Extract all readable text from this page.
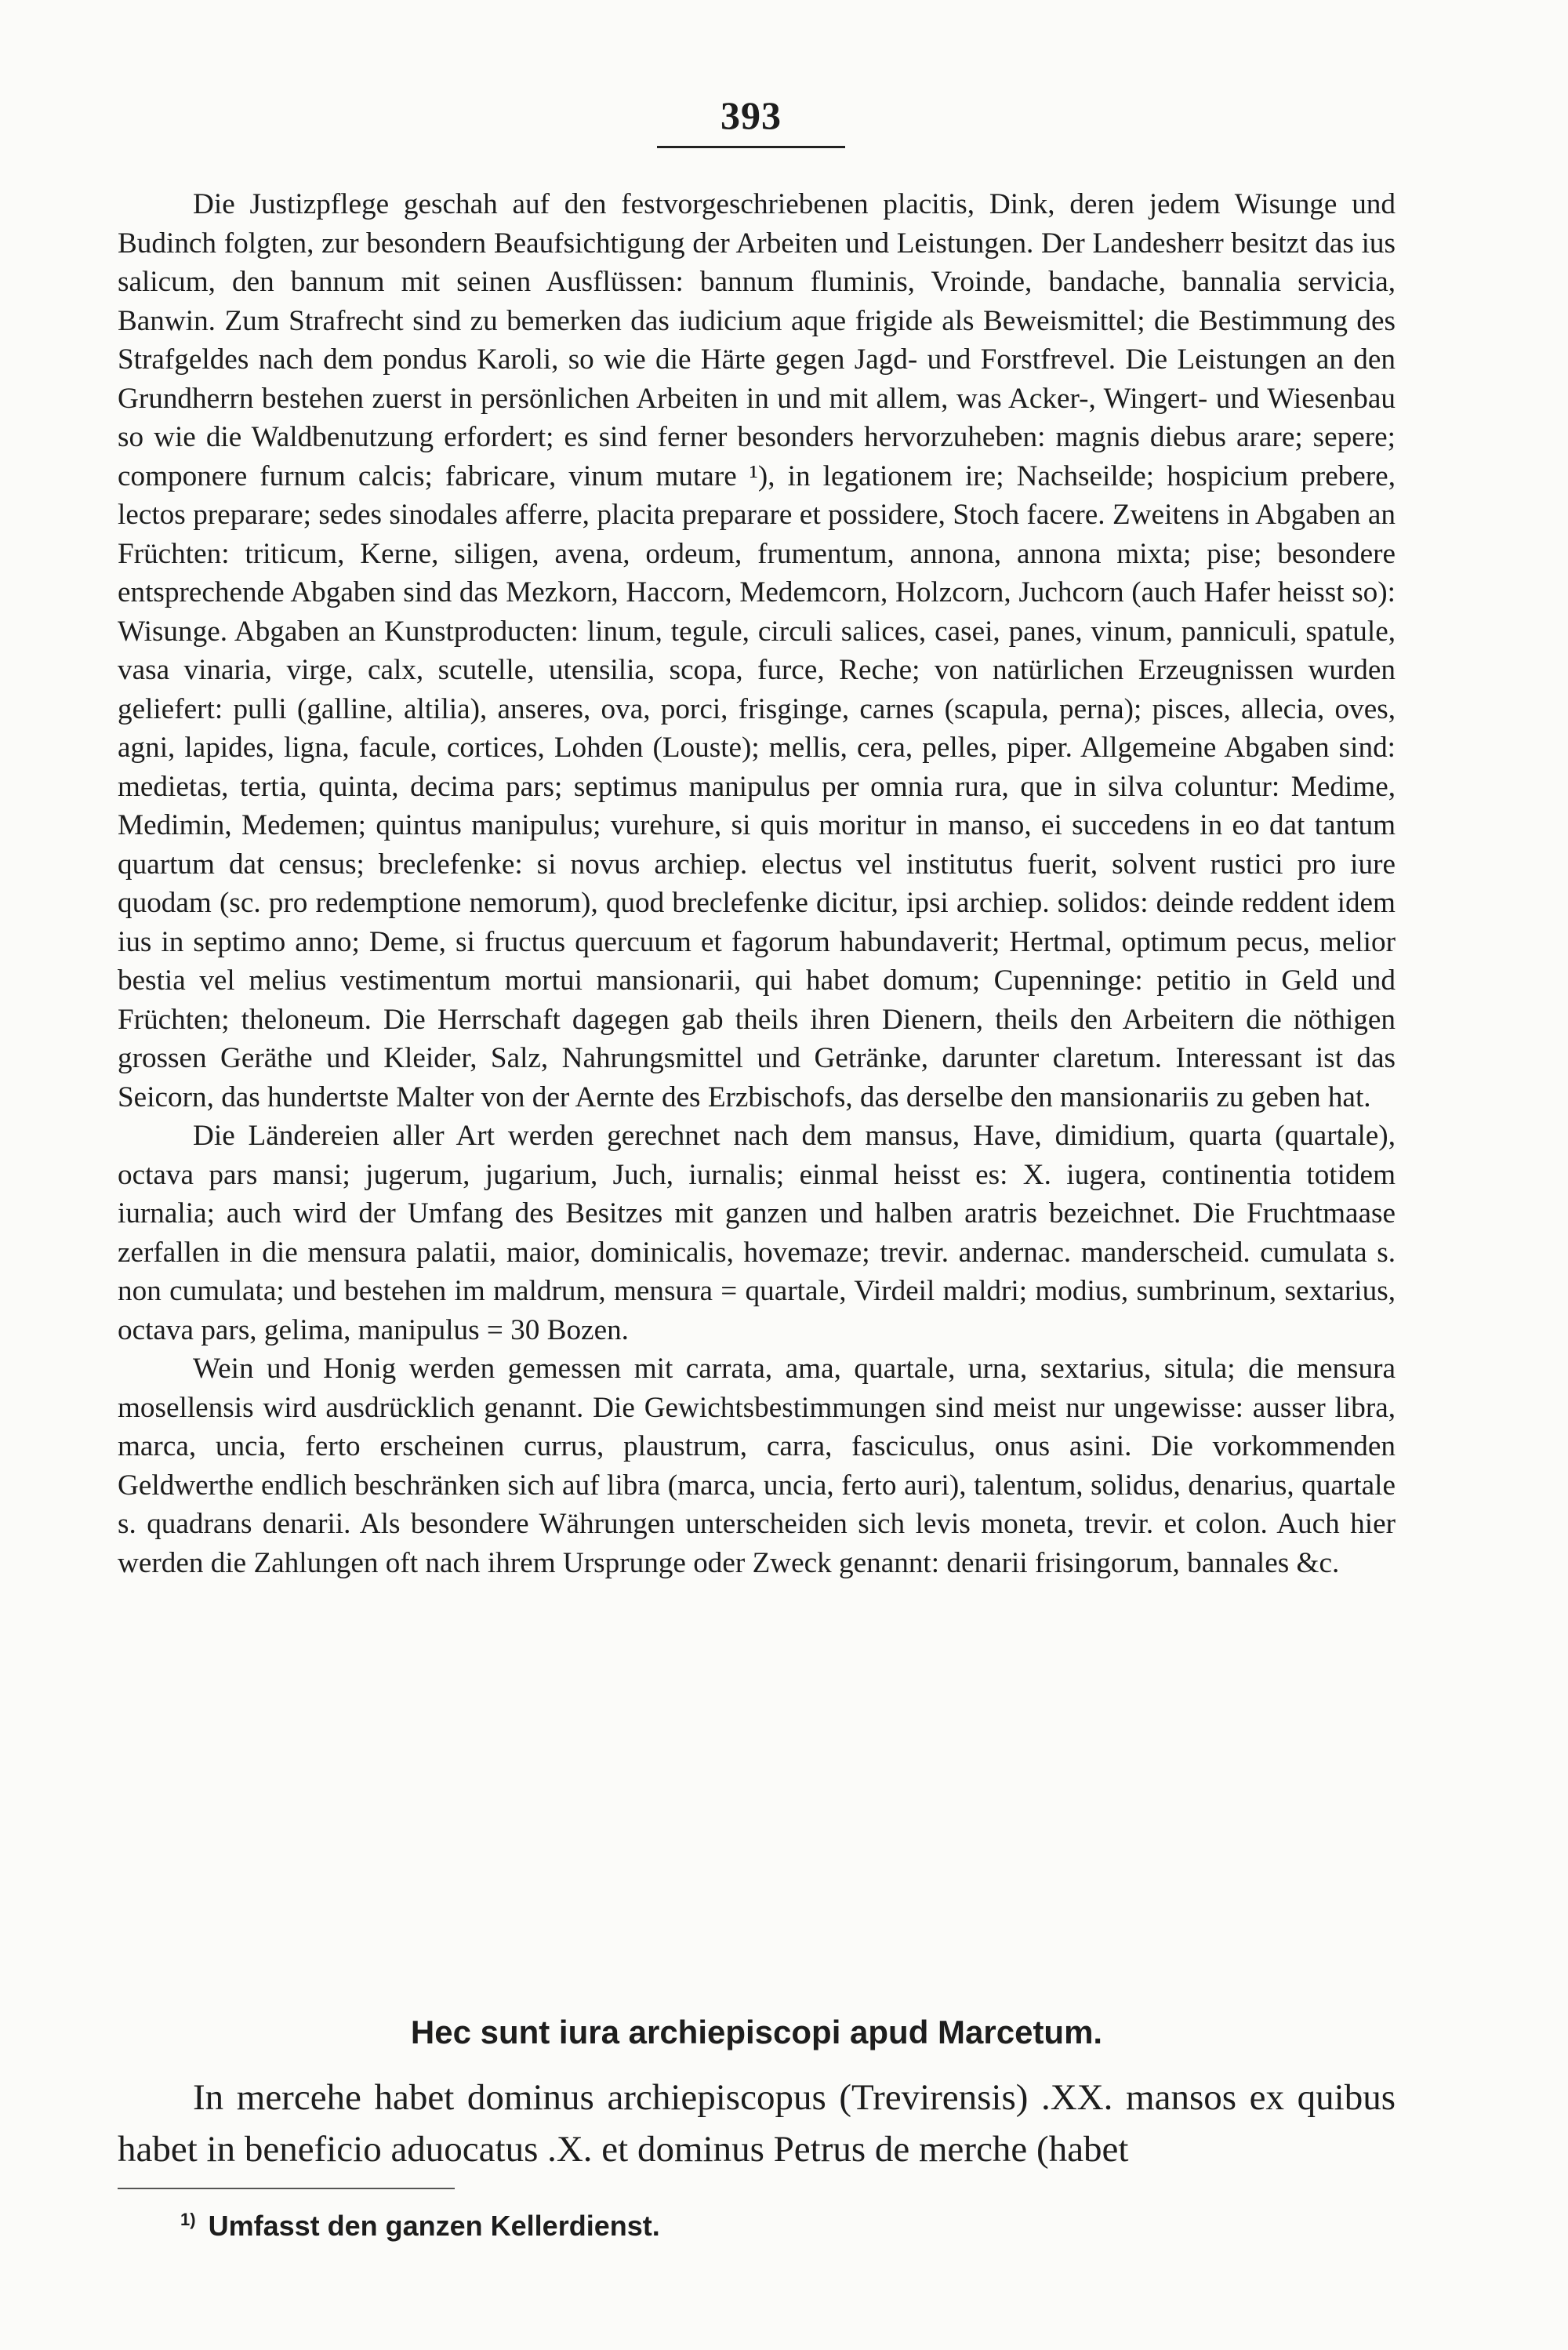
393

Die Justizpflege geschah auf den festvorgeschriebenen placitis, Dink, deren jedem Wisunge und Budinch folgten, zur besondern Beaufsichtigung der Arbeiten und Leistungen. Der Landesherr besitzt das ius salicum, den bannum mit seinen Ausflüssen: bannum fluminis, Vroinde, bandache, bannalia servicia, Banwin. Zum Strafrecht sind zu bemerken das iudicium aque frigide als Beweismittel; die Bestimmung des Strafgeldes nach dem pondus Karoli, so wie die Härte gegen Jagd- und Forstfrevel. Die Leistungen an den Grundherrn bestehen zuerst in persönlichen Arbeiten in und mit allem, was Acker-, Wingert- und Wiesenbau so wie die Waldbenutzung erfordert; es sind ferner besonders hervorzuheben: magnis diebus arare; sepere; componere furnum calcis; fabricare, vinum mutare ¹), in legationem ire; Nachseilde; hospicium prebere, lectos preparare; sedes sinodales afferre, placita preparare et possidere, Stoch facere. Zweitens in Abgaben an Früchten: triticum, Kerne, siligen, avena, ordeum, frumentum, annona, annona mixta; pise; besondere entsprechende Abgaben sind das Mezkorn, Haccorn, Medemcorn, Holzcorn, Juchcorn (auch Hafer heisst so): Wisunge. Abgaben an Kunstproducten: linum, tegule, circuli salices, casei, panes, vinum, panniculi, spatule, vasa vinaria, virge, calx, scutelle, utensilia, scopa, furce, Reche; von natürlichen Erzeugnissen wurden geliefert: pulli (galline, altilia), anseres, ova, porci, frisginge, carnes (scapula, perna); pisces, allecia, oves, agni, lapides, ligna, facule, cortices, Lohden (Louste); mellis, cera, pelles, piper. Allgemeine Abgaben sind: medietas, tertia, quinta, decima pars; septimus manipulus per omnia rura, que in silva coluntur: Medime, Medimin, Medemen; quintus manipulus; vurehure, si quis moritur in manso, ei succedens in eo dat tantum quartum dat census; breclefenke: si novus archiep. electus vel institutus fuerit, solvent rustici pro iure quodam (sc. pro redemptione nemorum), quod breclefenke dicitur, ipsi archiep. solidos: deinde reddent idem ius in septimo anno; Deme, si fructus quercuum et fagorum habundaverit; Hertmal, optimum pecus, melior bestia vel melius vestimentum mortui mansionarii, qui habet domum; Cupenninge: petitio in Geld und Früchten; theloneum. Die Herrschaft dagegen gab theils ihren Dienern, theils den Arbeitern die nöthigen grossen Geräthe und Kleider, Salz, Nahrungsmittel und Getränke, darunter claretum. Interessant ist das Seicorn, das hundertste Malter von der Aernte des Erzbischofs, das derselbe den mansionariis zu geben hat.

Die Ländereien aller Art werden gerechnet nach dem mansus, Have, dimidium, quarta (quartale), octava pars mansi; jugerum, jugarium, Juch, iurnalis; einmal heisst es: X. iugera, continentia totidem iurnalia; auch wird der Umfang des Besitzes mit ganzen und halben aratris bezeichnet. Die Fruchtmaase zerfallen in die mensura palatii, maior, dominicalis, hovemaze; trevir. andernac. manderscheid. cumulata s. non cumulata; und bestehen im maldrum, mensura = quartale, Virdeil maldri; modius, sumbrinum, sextarius, octava pars, gelima, manipulus = 30 Bozen.

Wein und Honig werden gemessen mit carrata, ama, quartale, urna, sextarius, situla; die mensura mosellensis wird ausdrücklich genannt. Die Gewichtsbestimmungen sind meist nur ungewisse: ausser libra, marca, uncia, ferto erscheinen currus, plaustrum, carra, fasciculus, onus asini. Die vorkommenden Geldwerthe endlich beschränken sich auf libra (marca, uncia, ferto auri), talentum, solidus, denarius, quartale s. quadrans denarii. Als besondere Währungen unterscheiden sich levis moneta, trevir. et colon. Auch hier werden die Zahlungen oft nach ihrem Ursprunge oder Zweck genannt: denarii frisingorum, bannales &c.

Hec sunt iura archiepiscopi apud Marcetum.
In mercehe habet dominus archiepiscopus (Trevirensis) .XX. mansos ex quibus habet in beneficio aduocatus .X. et dominus Petrus de merche (habet
$^{1)}$ Umfasst den ganzen Kellerdienst.
